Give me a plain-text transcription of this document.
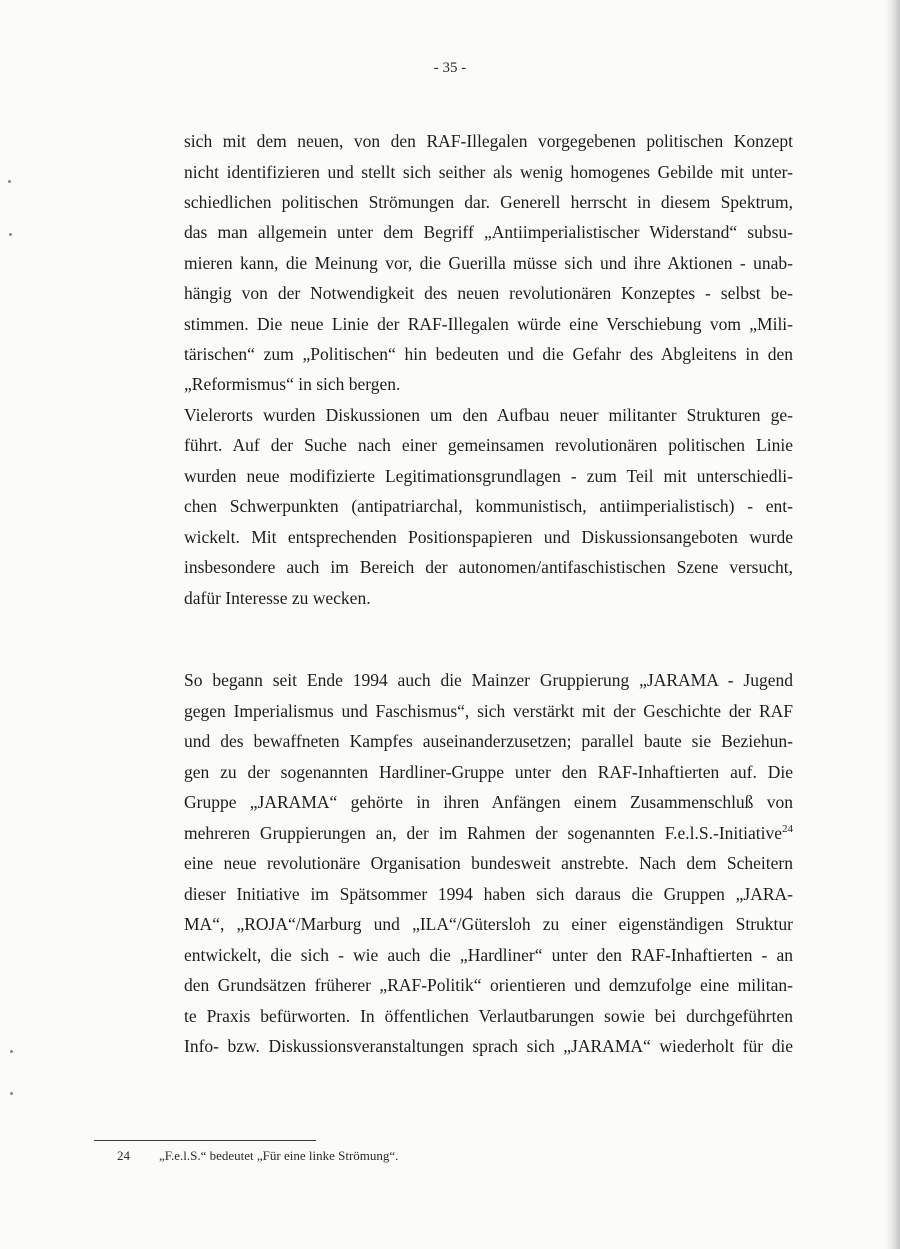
- 35 -
sich mit dem neuen, von den RAF-Illegalen vorgegebenen politischen Konzept
nicht identifizieren und stellt sich seither als wenig homogenes Gebilde mit unter-
schiedlichen politischen Strömungen dar. Generell herrscht in diesem Spektrum,
das man allgemein unter dem Begriff „Antiimperialistischer Widerstand“ subsu-
mieren kann, die Meinung vor, die Guerilla müsse sich und ihre Aktionen - unab-
hängig von der Notwendigkeit des neuen revolutionären Konzeptes - selbst be-
stimmen. Die neue Linie der RAF-Illegalen würde eine Verschiebung vom „Mili-
tärischen“ zum „Politischen“ hin bedeuten und die Gefahr des Abgleitens in den
„Reformismus“ in sich bergen.
Vielerorts wurden Diskussionen um den Aufbau neuer militanter Strukturen ge-
führt. Auf der Suche nach einer gemeinsamen revolutionären politischen Linie
wurden neue modifizierte Legitimationsgrundlagen - zum Teil mit unterschiedli-
chen Schwerpunkten (antipatriarchal, kommunistisch, antiimperialistisch) - ent-
wickelt. Mit entsprechenden Positionspapieren und Diskussionsangeboten wurde
insbesondere auch im Bereich der autonomen/antifaschistischen Szene versucht,
dafür Interesse zu wecken.
So begann seit Ende 1994 auch die Mainzer Gruppierung „JARAMA - Jugend
gegen Imperialismus und Faschismus“, sich verstärkt mit der Geschichte der RAF
und des bewaffneten Kampfes auseinanderzusetzen; parallel baute sie Beziehun-
gen zu der sogenannten Hardliner-Gruppe unter den RAF-Inhaftierten auf. Die
Gruppe „JARAMA“ gehörte in ihren Anfängen einem Zusammenschluß von
mehreren Gruppierungen an, der im Rahmen der sogenannten F.e.l.S.-Initiative$^{24}$
eine neue revolutionäre Organisation bundesweit anstrebte. Nach dem Scheitern
dieser Initiative im Spätsommer 1994 haben sich daraus die Gruppen „JARA-
MA“, „ROJA“/Marburg und „ILA“/Gütersloh zu einer eigenständigen Struktur
entwickelt, die sich - wie auch die „Hardliner“ unter den RAF-Inhaftierten - an
den Grundsätzen früherer „RAF-Politik“ orientieren und demzufolge eine militan-
te Praxis befürworten. In öffentlichen Verlautbarungen sowie bei durchgeführten
Info- bzw. Diskussionsveranstaltungen sprach sich „JARAMA“ wiederholt für die
24 „F.e.l.S.“ bedeutet „Für eine linke Strömung“.
